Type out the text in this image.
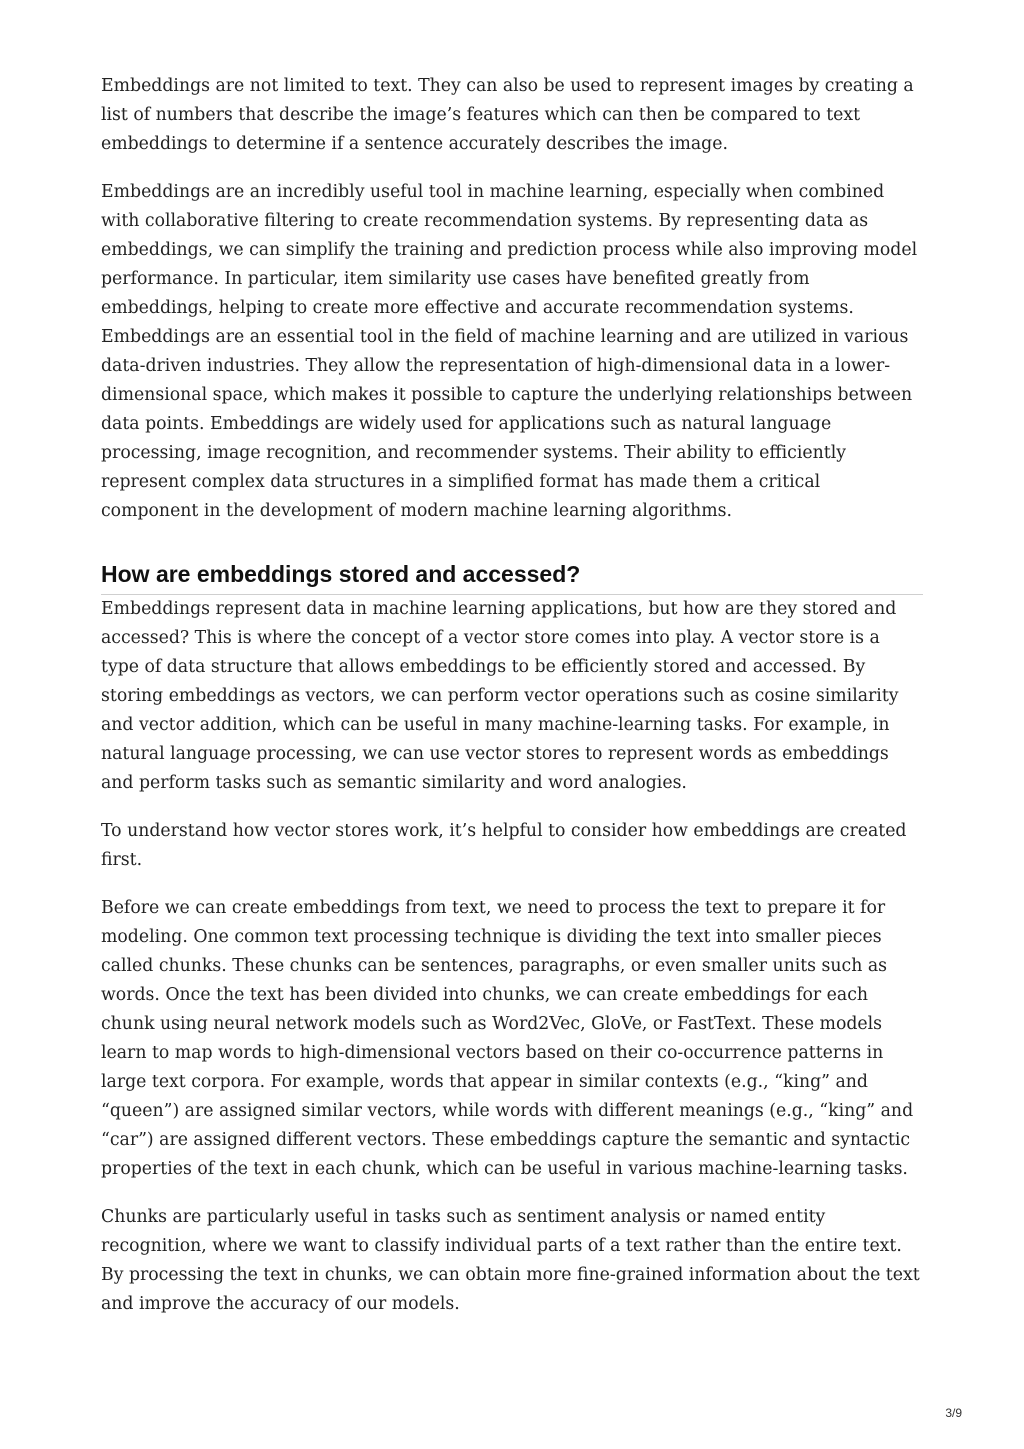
Embeddings are not limited to text. They can also be used to represent images by creating a list of numbers that describe the image’s features which can then be compared to text embeddings to determine if a sentence accurately describes the image.

Embeddings are an incredibly useful tool in machine learning, especially when combined with collaborative filtering to create recommendation systems. By representing data as embeddings, we can simplify the training and prediction process while also improving model performance. In particular, item similarity use cases have benefited greatly from embeddings, helping to create more effective and accurate recommendation systems. Embeddings are an essential tool in the field of machine learning and are utilized in various data-driven industries. They allow the representation of high-dimensional data in a lower-dimensional space, which makes it possible to capture the underlying relationships between data points. Embeddings are widely used for applications such as natural language processing, image recognition, and recommender systems. Their ability to efficiently represent complex data structures in a simplified format has made them a critical component in the development of modern machine learning algorithms.

How are embeddings stored and accessed?

Embeddings represent data in machine learning applications, but how are they stored and accessed? This is where the concept of a vector store comes into play. A vector store is a type of data structure that allows embeddings to be efficiently stored and accessed. By storing embeddings as vectors, we can perform vector operations such as cosine similarity and vector addition, which can be useful in many machine-learning tasks. For example, in natural language processing, we can use vector stores to represent words as embeddings and perform tasks such as semantic similarity and word analogies.

To understand how vector stores work, it’s helpful to consider how embeddings are created first.

Before we can create embeddings from text, we need to process the text to prepare it for modeling. One common text processing technique is dividing the text into smaller pieces called chunks. These chunks can be sentences, paragraphs, or even smaller units such as words. Once the text has been divided into chunks, we can create embeddings for each chunk using neural network models such as Word2Vec, GloVe, or FastText. These models learn to map words to high-dimensional vectors based on their co-occurrence patterns in large text corpora. For example, words that appear in similar contexts (e.g., “king” and “queen”) are assigned similar vectors, while words with different meanings (e.g., “king” and “car”) are assigned different vectors. These embeddings capture the semantic and syntactic properties of the text in each chunk, which can be useful in various machine-learning tasks.

Chunks are particularly useful in tasks such as sentiment analysis or named entity recognition, where we want to classify individual parts of a text rather than the entire text. By processing the text in chunks, we can obtain more fine-grained information about the text and improve the accuracy of our models.

3/9
